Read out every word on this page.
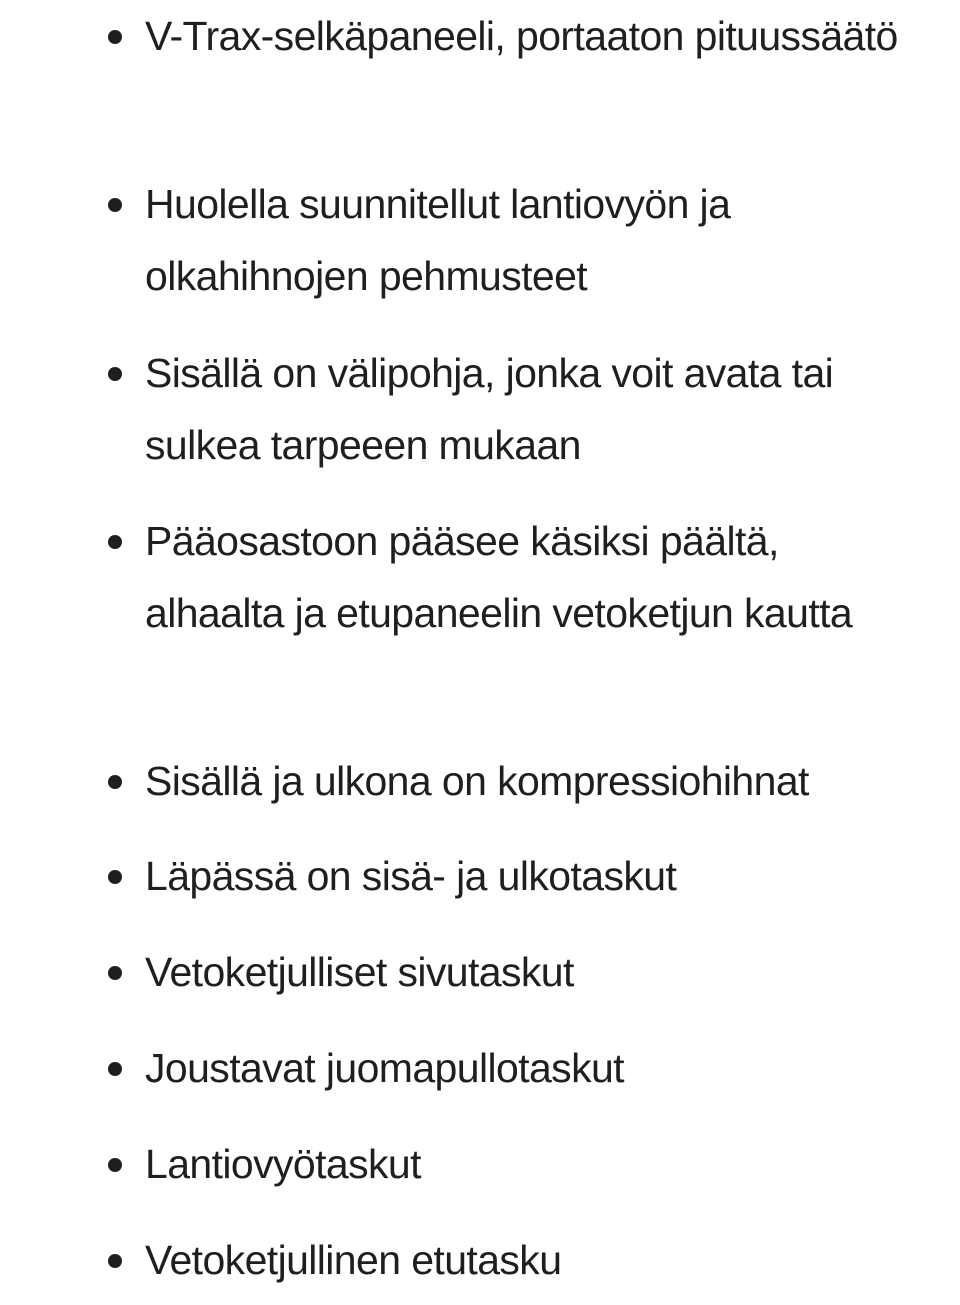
V-Trax-selkäpaneeli, portaaton pituussäätö
Huolella suunnitellut lantiovyön ja olkahihnojen pehmusteet
Sisällä on välipohja, jonka voit avata tai sulkea tarpeeen mukaan
Pääosastoon pääsee käsiksi päältä, alhaalta ja etupaneelin vetoketjun kautta
Sisällä ja ulkona on kompressiohihnat
Läpässä on sisä- ja ulkotaskut
Vetoketjulliset sivutaskut
Joustavat juomapullotaskut
Lantiovyötaskut
Vetoketjullinen etutasku
